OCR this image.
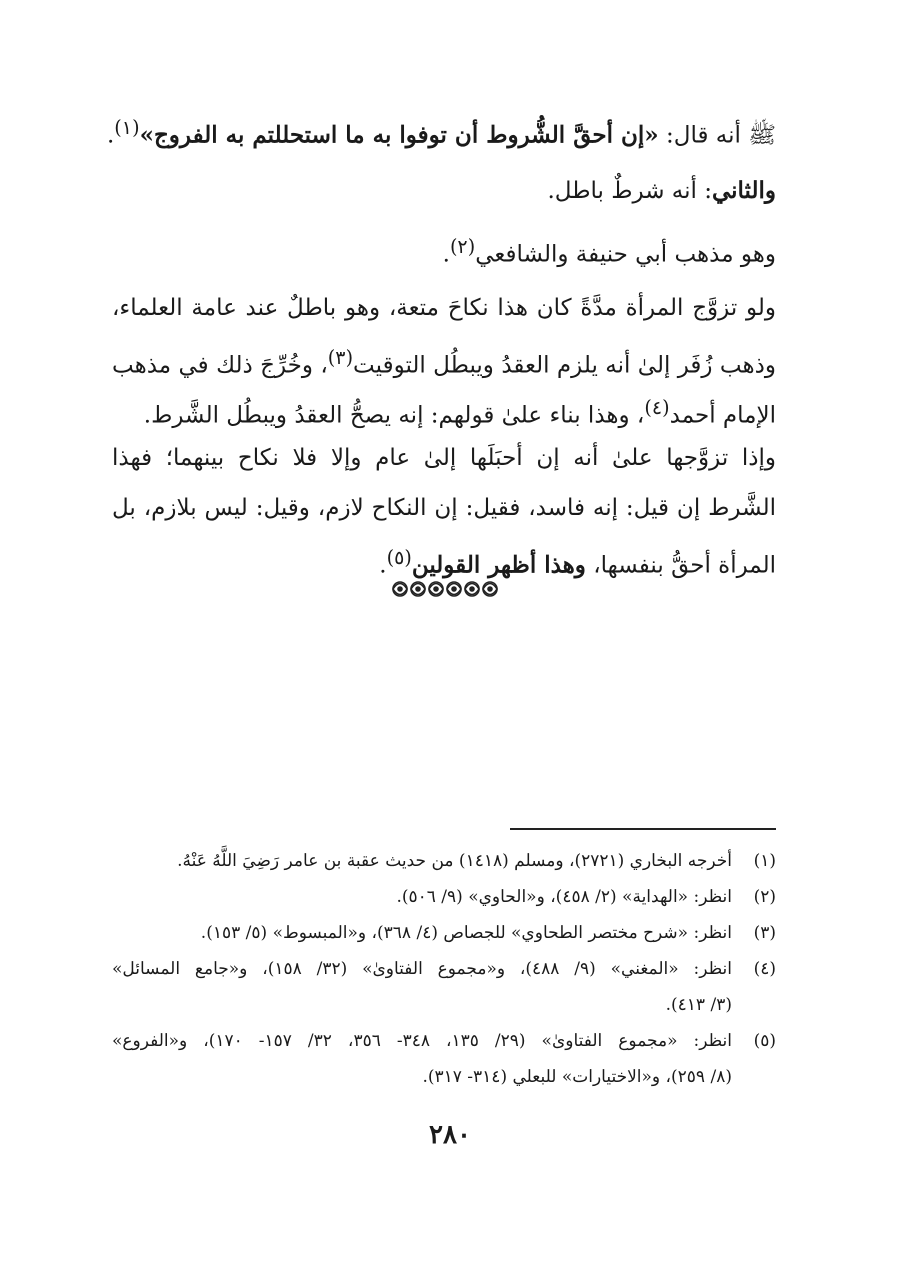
ﷺ أنه قال: «إن أحقَّ الشُّروط أن توفوا به ما استحللتم به الفروج»$^{(١)}$.
والثاني: أنه شرطٌ باطل.
وهو مذهب أبي حنيفة والشافعي$^{(٢)}$.
ولو تزوَّج المرأة مدَّةً كان هذا نكاحَ متعة، وهو باطلٌ عند عامة العلماء،
وذهب زُفَر إلىٰ أنه يلزم العقدُ ويبطُل التوقيت$^{(٣)}$، وخُرِّجَ ذلك في مذهب
الإمام أحمد$^{(٤)}$، وهذا بناء علىٰ قولهم: إنه يصحُّ العقدُ ويبطُل الشَّرط.
وإذا تزوَّجها علىٰ أنه إن أحبَلَها إلىٰ عام وإلا فلا نكاح بينهما؛ فهذا
الشَّرط إن قيل: إنه فاسد، فقيل: إن النكاح لازم، وقيل: ليس بلازم، بل
المرأة أحقُّ بنفسها، وهذا أظهر القولين$^{(٥)}$.
(١)
أخرجه البخاري (٢٧٢١)، ومسلم (١٤١٨) من حديث عقبة بن عامر رَضِيَ اللَّهُ عَنْهُ.
(٢)
انظر: «الهداية» (٢/ ٤٥٨)، و«الحاوي» (٩/ ٥٠٦).
(٣)
انظر: «شرح مختصر الطحاوي» للجصاص (٤/ ٣٦٨)، و«المبسوط» (٥/ ١٥٣).
(٤)
انظر: «المغني» (٩/ ٤٨٨)، و«مجموع الفتاوىٰ» (٣٢/ ١٥٨)، و«جامع المسائل»
(٣/ ٤١٣).
(٥)
انظر: «مجموع الفتاوىٰ» (٢٩/ ١٣٥، ٣٤٨- ٣٥٦، ٣٢/ ١٥٧- ١٧٠)، و«الفروع»
(٨/ ٢٥٩)، و«الاختيارات» للبعلي (٣١٤- ٣١٧).
٢٨٠
